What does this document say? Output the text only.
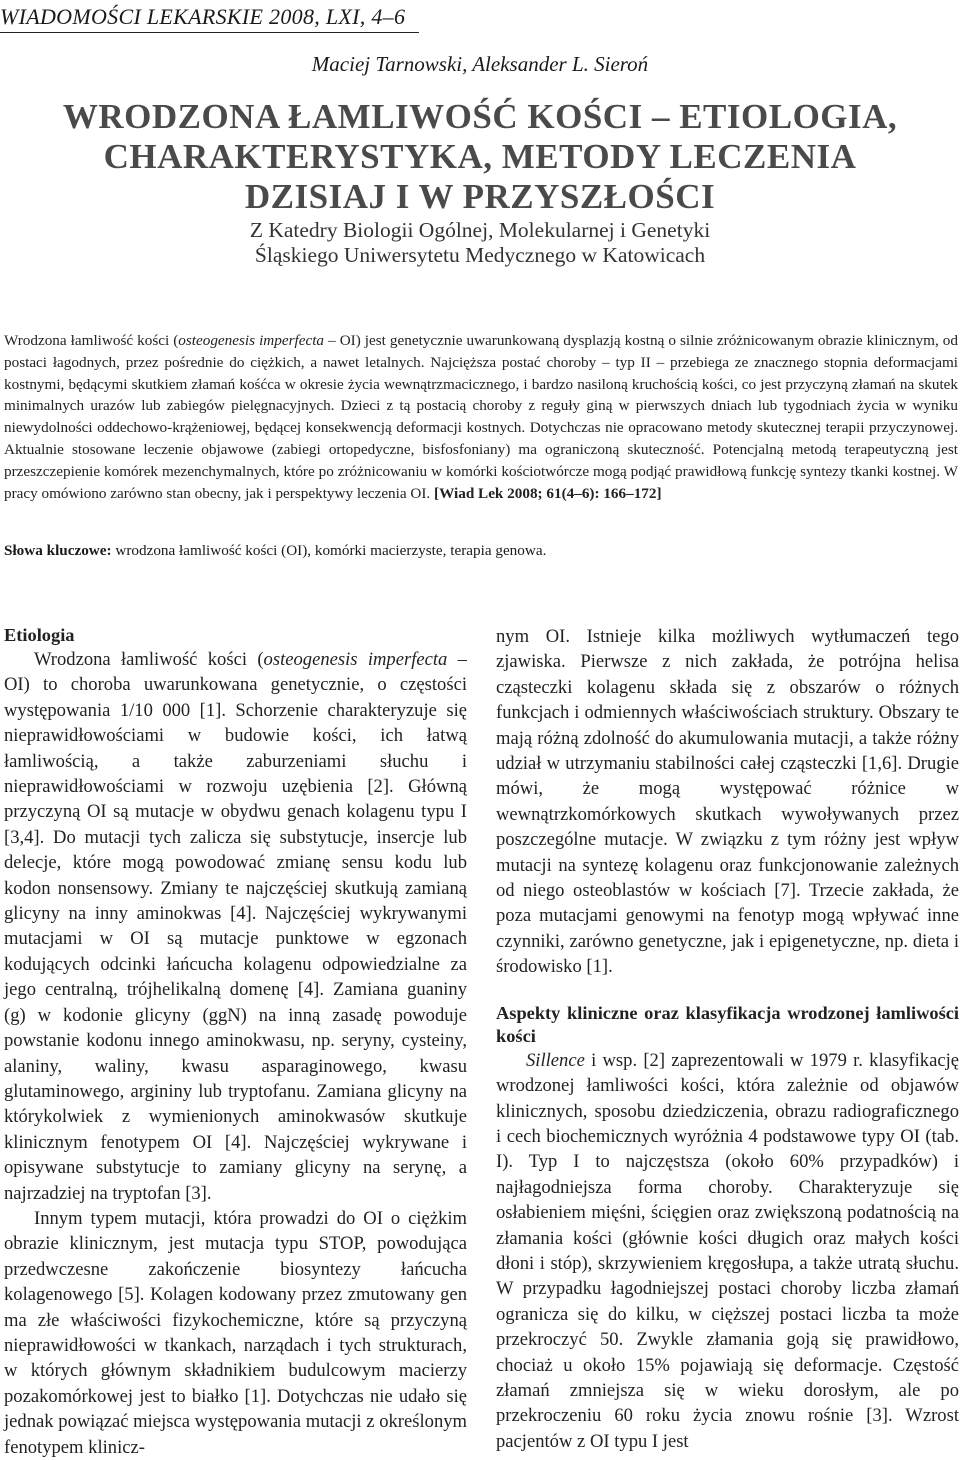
WIADOMOŚCI LEKARSKIE 2008, LXI, 4–6
Maciej Tarnowski, Aleksander L. Sieroń
WRODZONA ŁAMLIWOŚĆ KOŚCI – ETIOLOGIA,
CHARAKTERYSTYKA, METODY LECZENIA
DZISIAJ I W PRZYSZŁOŚCI
Z Katedry Biologii Ogólnej, Molekularnej i Genetyki
Śląskiego Uniwersytetu Medycznego w Katowicach
Wrodzona łamliwość kości (osteogenesis imperfecta – OI) jest genetycznie uwarunkowaną dysplazją kostną o silnie zróżnicowanym obrazie klinicznym, od postaci łagodnych, przez pośrednie do ciężkich, a nawet letalnych. Najcięższa postać choroby – typ II – przebiega ze znacznego stopnia deformacjami kostnymi, będącymi skutkiem złamań kośćca w okresie życia wewnątrzmacicznego, i bardzo nasiloną kruchością kości, co jest przyczyną złamań na skutek minimalnych urazów lub zabiegów pielęgnacyjnych. Dzieci z tą postacią choroby z reguły giną w pierwszych dniach lub tygodniach życia w wyniku niewydolności oddechowo-krążeniowej, będącej konsekwencją deformacji kostnych. Dotychczas nie opracowano metody skutecznej terapii przyczynowej. Aktualnie stosowane leczenie objawowe (zabiegi ortopedyczne, bisfosfoniany) ma ograniczoną skuteczność. Potencjalną metodą terapeutyczną jest przeszczepienie komórek mezenchymalnych, które po zróżnicowaniu w komórki kościotwórcze mogą podjąć prawidłową funkcję syntezy tkanki kostnej. W pracy omówiono zarówno stan obecny, jak i perspektywy leczenia OI. [Wiad Lek 2008; 61(4–6): 166–172]
Słowa kluczowe: wrodzona łamliwość kości (OI), komórki macierzyste, terapia genowa.
Etiologia

Wrodzona łamliwość kości (osteogenesis imperfecta – OI) to choroba uwarunkowana genetycznie, o częstości występowania 1/10 000 [1]. Schorzenie charakteryzuje się nieprawidłowościami w budowie kości, ich łatwą łamliwością, a także zaburzeniami słuchu i nieprawidłowościami w rozwoju uzębienia [2]. Główną przyczyną OI są mutacje w obydwu genach kolagenu typu I [3,4]. Do mutacji tych zalicza się substytucje, insercje lub delecje, które mogą powodować zmianę sensu kodu lub kodon nonsensowy. Zmiany te najczęściej skutkują zamianą glicyny na inny aminokwas [4]. Najczęściej wykrywanymi mutacjami w OI są mutacje punktowe w egzonach kodujących odcinki łańcucha kolagenu odpowiedzialne za jego centralną, trójhelikalną domenę [4]. Zamiana guaniny (g) w kodonie glicyny (ggN) na inną zasadę powoduje powstanie kodonu innego aminokwasu, np. seryny, cysteiny, alaniny, waliny, kwasu asparaginowego, kwasu glutaminowego, argininy lub tryptofanu. Zamiana glicyny na którykolwiek z wymienionych aminokwasów skutkuje klinicznym fenotypem OI [4]. Najczęściej wykrywane i opisywane substytucje to zamiany glicyny na serynę, a najrzadziej na tryptofan [3].

Innym typem mutacji, która prowadzi do OI o ciężkim obrazie klinicznym, jest mutacja typu STOP, powodująca przedwczesne zakończenie biosyntezy łańcucha kolagenowego [5]. Kolagen kodowany przez zmutowany gen ma złe właściwości fizykochemiczne, które są przyczyną nieprawidłowości w tkankach, narządach i tych strukturach, w których głównym składnikiem budulcowym macierzy pozakomórkowej jest to białko [1]. Dotychczas nie udało się jednak powiązać miejsca występowania mutacji z określonym fenotypem klinicz-

nym OI. Istnieje kilka możliwych wytłumaczeń tego zjawiska. Pierwsze z nich zakłada, że potrójna helisa cząsteczki kolagenu składa się z obszarów o różnych funkcjach i odmiennych właściwościach struktury. Obszary te mają różną zdolność do akumulowania mutacji, a także różny udział w utrzymaniu stabilności całej cząsteczki [1,6]. Drugie mówi, że mogą występować różnice w wewnątrzkomórkowych skutkach wywoływanych przez poszczególne mutacje. W związku z tym różny jest wpływ mutacji na syntezę kolagenu oraz funkcjonowanie zależnych od niego osteoblastów w kościach [7]. Trzecie zakłada, że poza mutacjami genowymi na fenotyp mogą wpływać inne czynniki, zarówno genetyczne, jak i epigenetyczne, np. dieta i środowisko [1].

Aspekty kliniczne oraz klasyfikacja wrodzonej łamliwości kości

Sillence i wsp. [2] zaprezentowali w 1979 r. klasyfikację wrodzonej łamliwości kości, która zależnie od objawów klinicznych, sposobu dziedziczenia, obrazu radiograficznego i cech biochemicznych wyróżnia 4 podstawowe typy OI (tab. I). Typ I to najczęstsza (około 60% przypadków) i najłagodniejsza forma choroby. Charakteryzuje się osłabieniem mięśni, ścięgien oraz zwiększoną podatnością na złamania kości (głównie kości długich oraz małych kości dłoni i stóp), skrzywieniem kręgosłupa, a także utratą słuchu. W przypadku łagodniejszej postaci choroby liczba złamań ogranicza się do kilku, w cięższej postaci liczba ta może przekroczyć 50. Zwykle złamania goją się prawidłowo, chociaż u około 15% pojawiają się deformacje. Częstość złamań zmniejsza się w wieku dorosłym, ale po przekroczeniu 60 roku życia znowu rośnie [3]. Wzrost pacjentów z OI typu I jest
